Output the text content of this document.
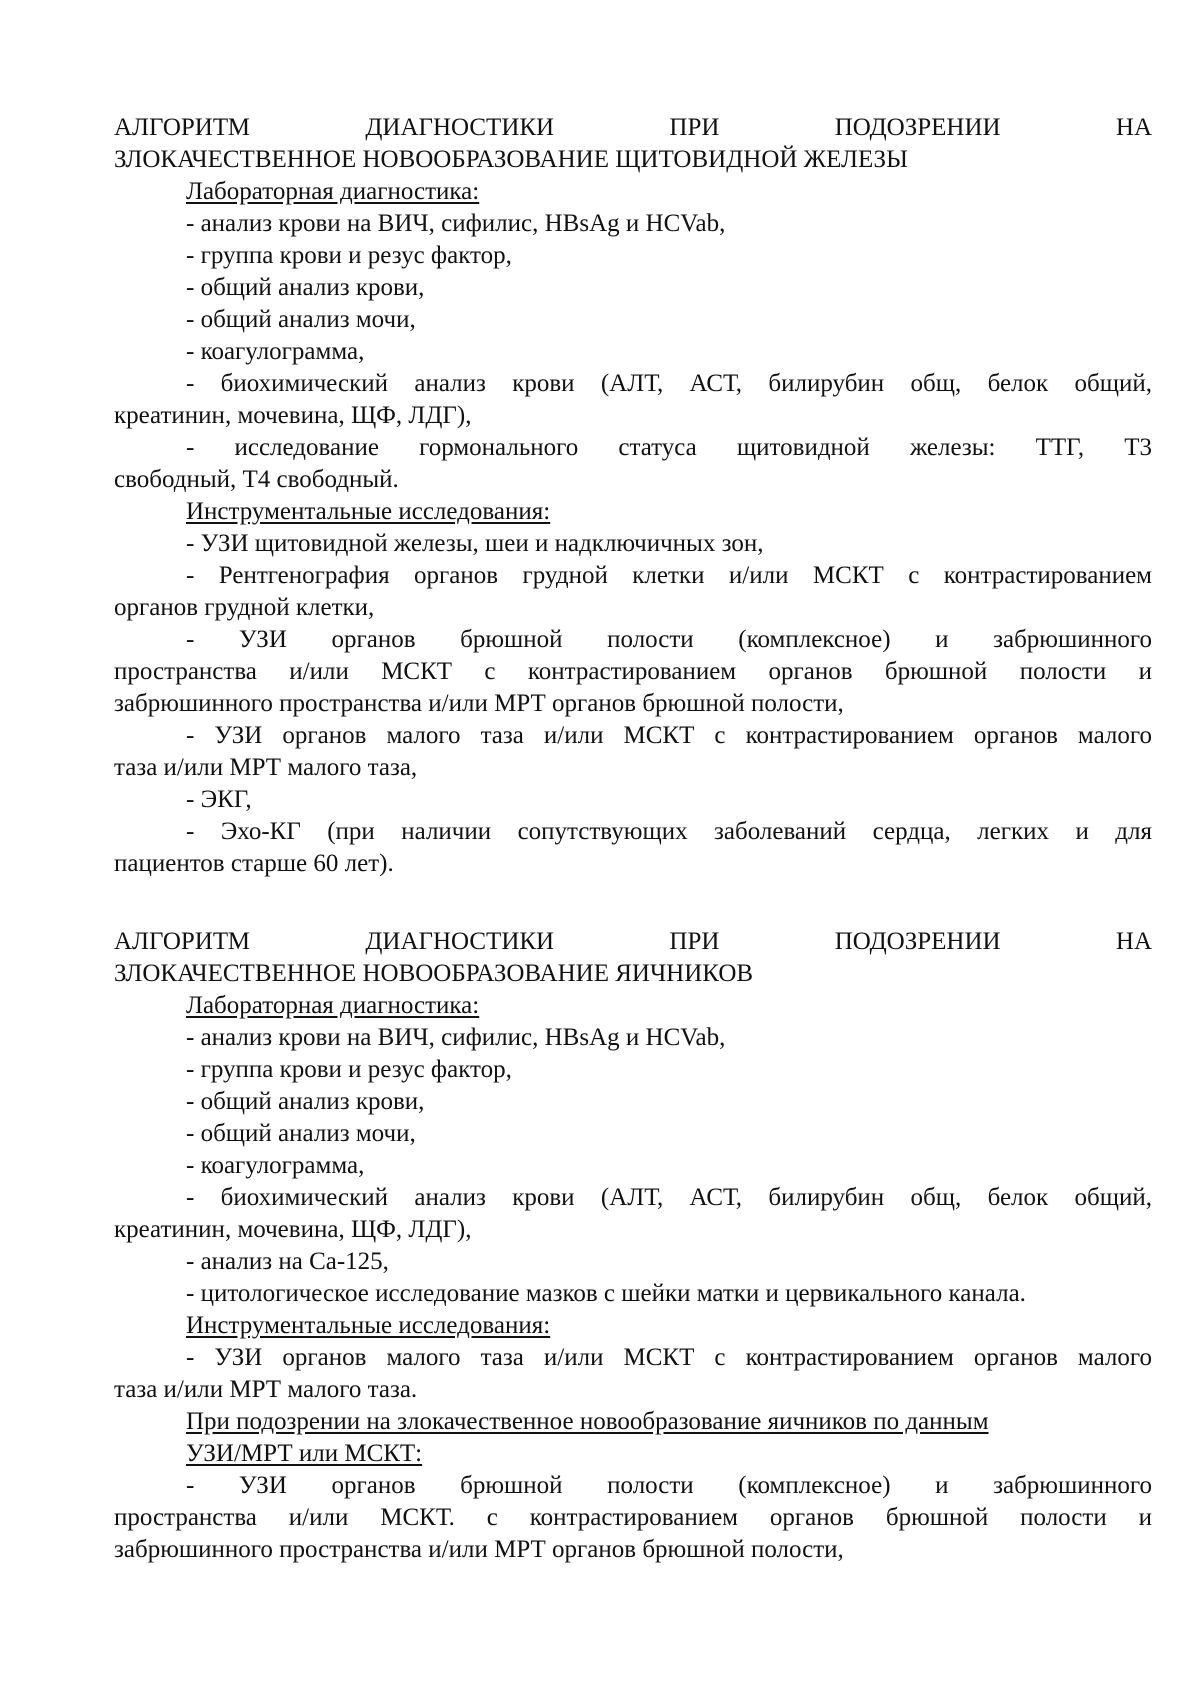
АЛГОРИТМ ДИАГНОСТИКИ ПРИ ПОДОЗРЕНИИ НА
ЗЛОКАЧЕСТВЕННОЕ НОВООБРАЗОВАНИЕ ЩИТОВИДНОЙ ЖЕЛЕЗЫ
Лабораторная диагностика:
- анализ крови на ВИЧ, сифилис, HBsAg и HCVab,
- группа крови и резус фактор,
- общий анализ крови,
- общий анализ мочи,
- коагулограмма,
- биохимический анализ крови (АЛТ, АСТ, билирубин общ, белок общий,
креатинин, мочевина, ЩФ, ЛДГ),
- исследование гормонального статуса щитовидной железы: ТТГ, Т3
свободный, Т4 свободный.
Инструментальные исследования:
- УЗИ щитовидной железы, шеи и надключичных зон,
- Рентгенография органов грудной клетки и/или МСКТ с контрастированием
органов грудной клетки,
- УЗИ органов брюшной полости (комплексное) и забрюшинного
пространства и/или МСКТ с контрастированием органов брюшной полости и
забрюшинного пространства и/или МРТ органов брюшной полости,
- УЗИ органов малого таза и/или МСКТ с контрастированием органов малого
таза и/или МРТ малого таза,
- ЭКГ,
- Эхо-КГ (при наличии сопутствующих заболеваний сердца, легких и для
пациентов старше 60 лет).
АЛГОРИТМ ДИАГНОСТИКИ ПРИ ПОДОЗРЕНИИ НА
ЗЛОКАЧЕСТВЕННОЕ НОВООБРАЗОВАНИЕ ЯИЧНИКОВ
Лабораторная диагностика:
- анализ крови на ВИЧ, сифилис, HBsAg и HCVab,
- группа крови и резус фактор,
- общий анализ крови,
- общий анализ мочи,
- коагулограмма,
- биохимический анализ крови (АЛТ, АСТ, билирубин общ, белок общий,
креатинин, мочевина, ЩФ, ЛДГ),
- анализ на Са-125,
- цитологическое исследование мазков с шейки матки и цервикального канала.
Инструментальные исследования:
- УЗИ органов малого таза и/или МСКТ с контрастированием органов малого
таза и/или МРТ малого таза.
При подозрении на злокачественное новообразование яичников по данным
УЗИ/МРТ или МСКТ:
- УЗИ органов брюшной полости (комплексное) и забрюшинного
пространства и/или МСКТ. с контрастированием органов брюшной полости и
забрюшинного пространства и/или МРТ органов брюшной полости,
